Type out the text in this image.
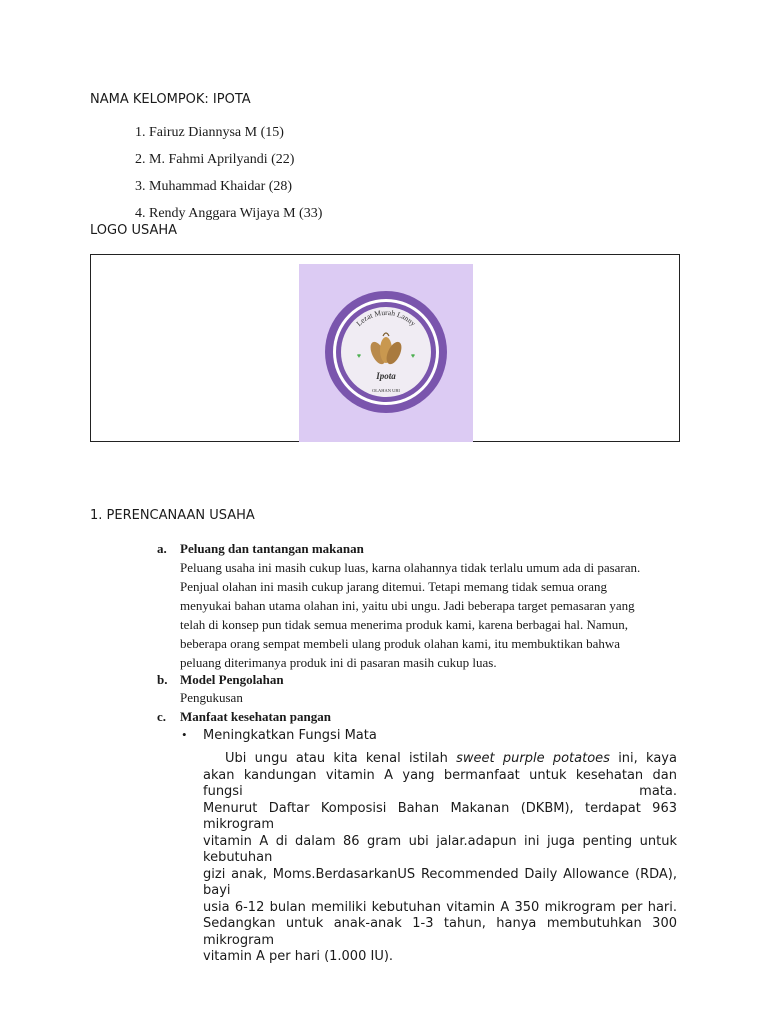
NAMA KELOMPOK: IPOTA
1. Fairuz Diannysa M (15)
2. M. Fahmi Aprilyandi (22)
3. Muhammad Khaidar (28)
4. Rendy Anggara Wijaya M (33)
LOGO USAHA
Lezat Murah Lanny
♥	♥
Ipota
OLAHAN UBI
1. PERENCANAAN USAHA
a. Peluang dan tantangan makanan
Peluang usaha ini masih cukup luas, karna olahannya tidak terlalu umum ada di pasaran.
Penjual olahan ini masih cukup jarang ditemui. Tetapi memang tidak semua orang
menyukai bahan utama olahan ini, yaitu ubi ungu. Jadi beberapa target pemasaran yang
telah di konsep pun tidak semua menerima produk kami, karena berbagai hal. Namun,
beberapa orang sempat membeli ulang produk olahan kami, itu membuktikan bahwa
peluang diterimanya produk ini di pasaran masih cukup luas.
b. Model Pengolahan
Pengukusan
c. Manfaat kesehatan pangan
• Meningkatkan Fungsi Mata
Ubi ungu atau kita kenal istilah sweet purple potatoes ini, kaya
akan kandungan vitamin A yang bermanfaat untuk kesehatan dan fungsi mata.
Menurut Daftar Komposisi Bahan Makanan (DKBM), terdapat 963 mikrogram
vitamin A di dalam 86 gram ubi jalar.adapun ini juga penting untuk kebutuhan
gizi anak, Moms.BerdasarkanUS Recommended Daily Allowance (RDA), bayi
usia 6-12 bulan memiliki kebutuhan vitamin A 350 mikrogram per hari.
Sedangkan untuk anak-anak 1-3 tahun, hanya membutuhkan 300 mikrogram
vitamin A per hari (1.000 IU).
